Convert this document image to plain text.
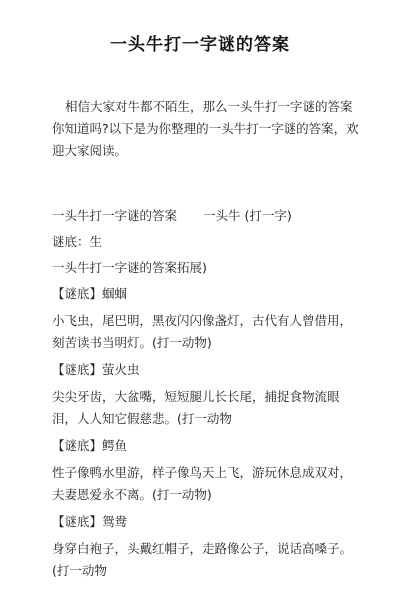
一头牛打一字谜的答案
相信大家对牛都不陌生，那么一头牛打一字谜的答案你知道吗?以下是为你整理的一头牛打一字谜的答案，欢迎大家阅读。
一头牛打一字谜的答案 一头牛 (打一字)
谜底：生
一头牛打一字谜的答案拓展)
【谜底】蝈蝈
小飞虫，尾巴明，黑夜闪闪像盏灯，古代有人曾借用，刻苦读书当明灯。(打一动物)
【谜底】萤火虫
尖尖牙齿，大盆嘴，短短腿儿长长尾，捕捉食物流眼泪，人人知它假慈悲。(打一动物
【谜底】鳄鱼
性子像鸭水里游，样子像鸟天上飞，游玩休息成双对，夫妻恩爱永不离。(打一动物)
【谜底】鸳鸯
身穿白袍子，头戴红帽子，走路像公子，说话高嗓子。(打一动物
